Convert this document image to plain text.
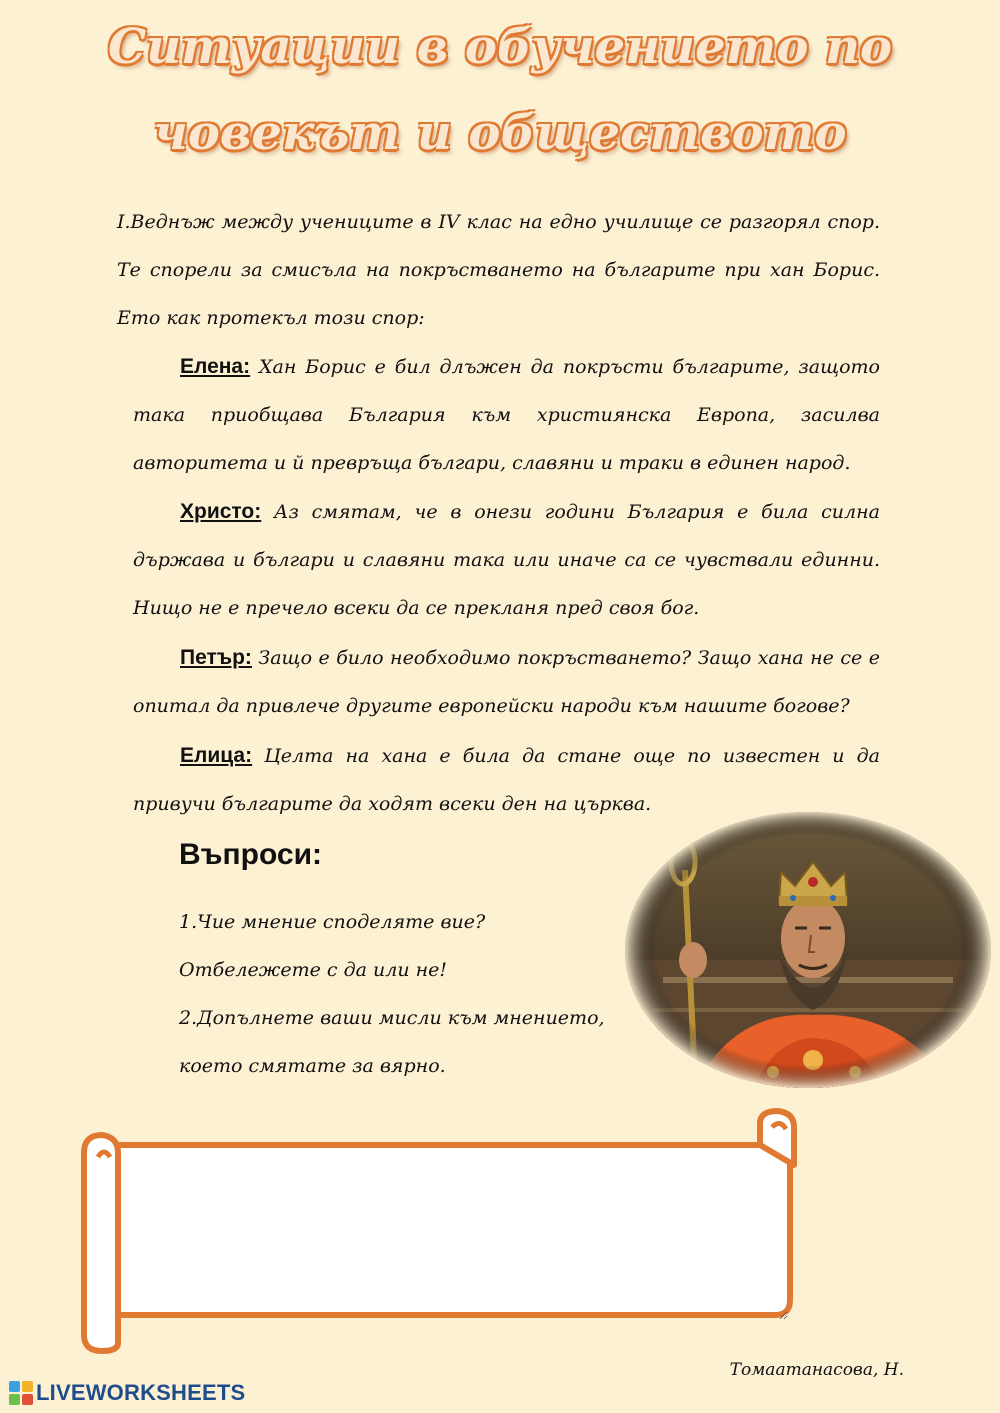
Ситуации в обучението по
човекът и обществото
I.Веднъж между учениците в IV клас на едно училище се разгорял спор. Те спорели за смисъла на покръстването на българите при хан Борис. Ето как протекъл този спор:
Елена: Хан Борис е бил длъжен да покръсти българите, защото така приобщава България към християнска Европа, засилва авторитета и й превръща българи, славяни и траки в единен народ.
Христо: Аз смятам, че в онези години България е била силна държава и българи и славяни така или иначе са се чувствали единни. Нищо не е пречело всеки да се прекланя пред своя бог.
Петър: Защо е било необходимо покръстването? Защо хана не се е опитал да привлече другите европейски народи към нашите богове?
Елица: Целта на хана е била да стане още по известен и да привучи българите да ходят всеки ден на църква.
Въпроси:
1.Чие мнение споделяте вие? Отбележете с да или не!
2.Допълнете ваши мисли към мнението, което смятате за вярно.
Томаатанасова, Н.
LIVEWORKSHEETS
